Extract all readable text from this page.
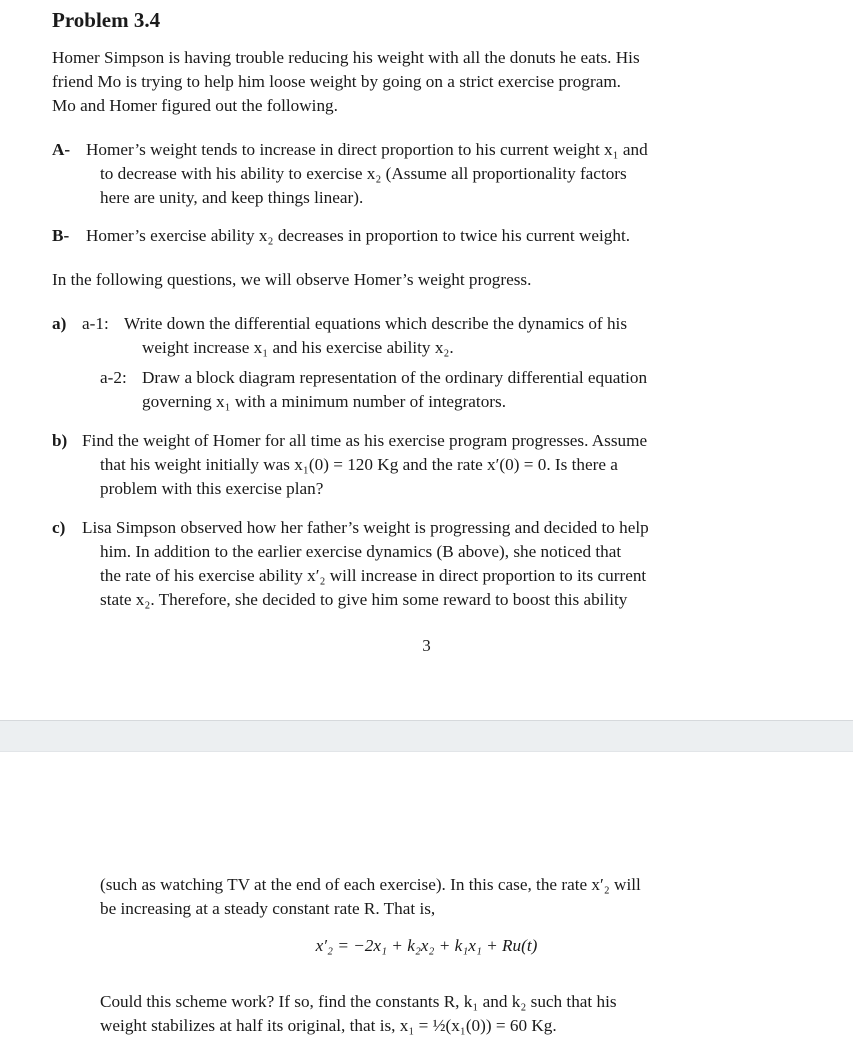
Problem 3.4
Homer Simpson is having trouble reducing his weight with all the donuts he eats. His
friend Mo is trying to help him loose weight by going on a strict exercise program.
Mo and Homer figured out the following.
A- Homer’s weight tends to increase in direct proportion to his current weight x₁ and
to decrease with his ability to exercise x₂ (Assume all proportionality factors
here are unity, and keep things linear).
B- Homer’s exercise ability x₂ decreases in proportion to twice his current weight.
In the following questions, we will observe Homer’s weight progress.
a) a-1: Write down the differential equations which describe the dynamics of his
weight increase x₁ and his exercise ability x₂.
a-2: Draw a block diagram representation of the ordinary differential equation
governing x₁ with a minimum number of integrators.
b) Find the weight of Homer for all time as his exercise program progresses. Assume
that his weight initially was x₁(0) = 120 Kg and the rate x′(0) = 0. Is there a
problem with this exercise plan?
c) Lisa Simpson observed how her father’s weight is progressing and decided to help
him. In addition to the earlier exercise dynamics (B above), she noticed that
the rate of his exercise ability x′₂ will increase in direct proportion to its current
state x₂. Therefore, she decided to give him some reward to boost this ability
3
(such as watching TV at the end of each exercise). In this case, the rate x′₂ will
be increasing at a steady constant rate R. That is,
x′₂ = −2x₁ + k₂x₂ + k₁x₁ + Ru(t)
Could this scheme work? If so, find the constants R, k₁ and k₂ such that his
weight stabilizes at half its original, that is, x₁ = ½(x₁(0)) = 60 Kg.
